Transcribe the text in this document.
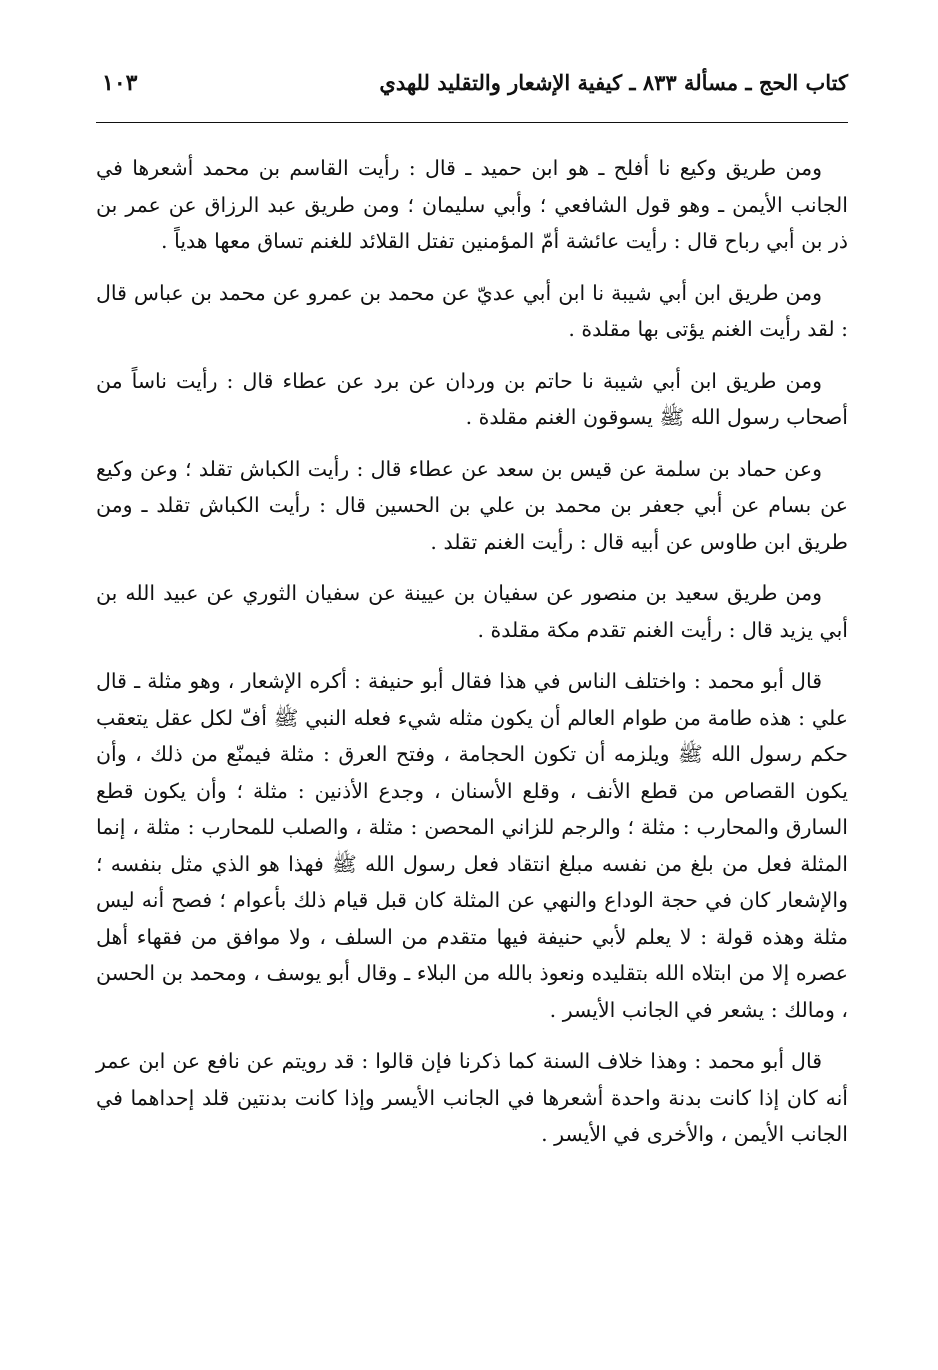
كتاب الحج ـ مسألة ٨٣٣ ـ كيفية الإشعار والتقليد للهدي
١٠٣

ومن طريق وكيع نا أفلح ـ هو ابن حميد ـ قال : رأيت القاسم بن محمد أشعرها في الجانب الأيمن ـ وهو قول الشافعي ؛ وأبي سليمان ؛ ومن طريق عبد الرزاق عن عمر بن ذر بن أبي رباح قال : رأيت عائشة أمّ المؤمنين تفتل القلائد للغنم تساق معها هدياً .

ومن طريق ابن أبي شيبة نا ابن أبي عديّ عن محمد بن عمرو عن محمد بن عباس قال : لقد رأيت الغنم يؤتى بها مقلدة .

ومن طريق ابن أبي شيبة نا حاتم بن وردان عن برد عن عطاء قال : رأيت ناساً من أصحاب رسول الله ﷺ يسوقون الغنم مقلدة .

وعن حماد بن سلمة عن قيس بن سعد عن عطاء قال : رأيت الكباش تقلد ؛ وعن وكيع عن بسام عن أبي جعفر بن محمد بن علي بن الحسين قال : رأيت الكباش تقلد ـ ومن طريق ابن طاوس عن أبيه قال : رأيت الغنم تقلد .

ومن طريق سعيد بن منصور عن سفيان بن عيينة عن سفيان الثوري عن عبيد الله بن أبي يزيد قال : رأيت الغنم تقدم مكة مقلدة .

قال أبو محمد : واختلف الناس في هذا فقال أبو حنيفة : أكره الإشعار ، وهو مثلة ـ قال علي : هذه طامة من طوام العالم أن يكون مثله شيء فعله النبي ﷺ أفّ لكل عقل يتعقب حكم رسول الله ﷺ ويلزمه أن تكون الحجامة ، وفتح العرق : مثلة فيمنّع من ذلك ، وأن يكون القصاص من قطع الأنف ، وقلع الأسنان ، وجدع الأذنين : مثلة ؛ وأن يكون قطع السارق والمحارب : مثلة ؛ والرجم للزاني المحصن : مثلة ، والصلب للمحارب : مثلة ، إنما المثلة فعل من بلغ من نفسه مبلغ انتقاد فعل رسول الله ﷺ فهذا هو الذي مثل بنفسه ؛ والإشعار كان في حجة الوداع والنهي عن المثلة كان قبل قيام ذلك بأعوام ؛ فصح أنه ليس مثلة وهذه قولة : لا يعلم لأبي حنيفة فيها متقدم من السلف ، ولا موافق من فقهاء أهل عصره إلا من ابتلاه الله بتقليده ونعوذ بالله من البلاء ـ وقال أبو يوسف ، ومحمد بن الحسن ، ومالك : يشعر في الجانب الأيسر .

قال أبو محمد : وهذا خلاف السنة كما ذكرنا فإن قالوا : قد رويتم عن نافع عن ابن عمر أنه كان إذا كانت بدنة واحدة أشعرها في الجانب الأيسر وإذا كانت بدنتين قلد إحداهما في الجانب الأيمن ، والأخرى في الأيسر .
